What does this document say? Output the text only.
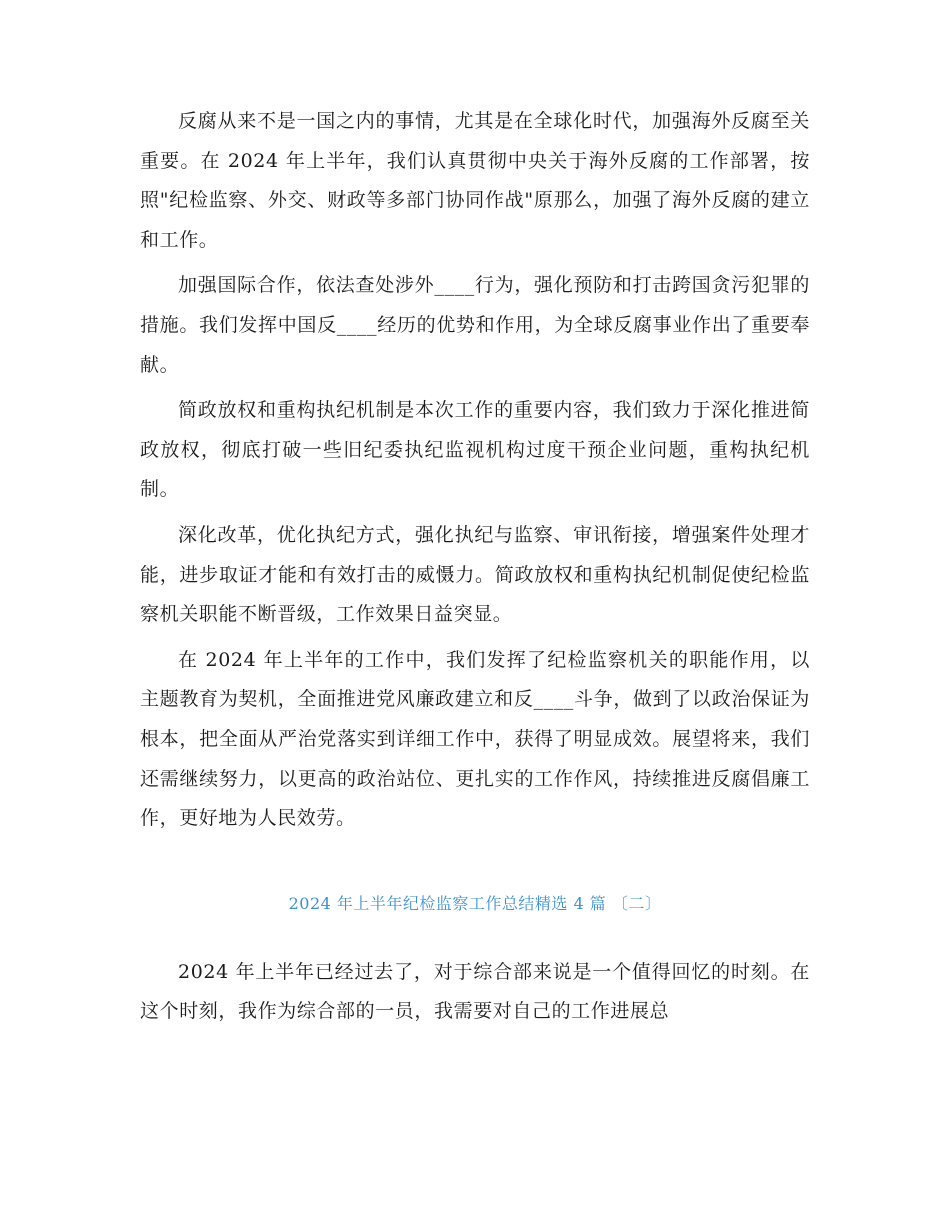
反腐从来不是一国之内的事情，尤其是在全球化时代，加强海外反腐至关重要。在 2024 年上半年，我们认真贯彻中央关于海外反腐的工作部署，按照"纪检监察、外交、财政等多部门协同作战"原那么，加强了海外反腐的建立和工作。

加强国际合作，依法查处涉外____行为，强化预防和打击跨国贪污犯罪的措施。我们发挥中国反____经历的优势和作用，为全球反腐事业作出了重要奉献。

简政放权和重构执纪机制是本次工作的重要内容，我们致力于深化推进简政放权，彻底打破一些旧纪委执纪监视机构过度干预企业问题，重构执纪机制。

深化改革，优化执纪方式，强化执纪与监察、审讯衔接，增强案件处理才能，进步取证才能和有效打击的威慑力。简政放权和重构执纪机制促使纪检监察机关职能不断晋级，工作效果日益突显。

在 2024 年上半年的工作中，我们发挥了纪检监察机关的职能作用，以主题教育为契机，全面推进党风廉政建立和反____斗争，做到了以政治保证为根本，把全面从严治党落实到详细工作中，获得了明显成效。展望将来，我们还需继续努力，以更高的政治站位、更扎实的工作作风，持续推进反腐倡廉工作，更好地为人民效劳。

2024 年上半年纪检监察工作总结精选 4 篇 〔二〕

2024 年上半年已经过去了，对于综合部来说是一个值得回忆的时刻。在这个时刻，我作为综合部的一员，我需要对自己的工作进展总
